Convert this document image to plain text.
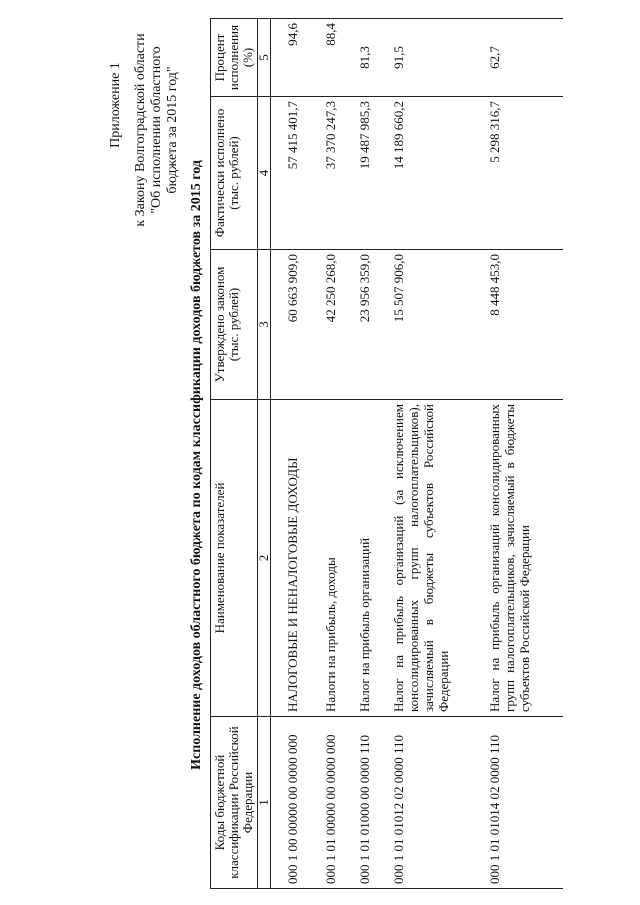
Приложение 1 к Закону Волгоградской области "Об исполнении областного бюджета за 2015 год"
Исполнение доходов областного бюджета по кодам классификации доходов бюджетов за 2015 год
Коды бюджетной классификации Российской Федерации	Наименование показателей	Утверждено законом (тыс. рублей)	Фактически исполнено (тыс. рублей)	Процент исполнения (%)
1	2	3	4	5
000 1 00 00000 00 0000 000	НАЛОГОВЫЕ И НЕНАЛОГОВЫЕ ДОХОДЫ	60 663 909,0	57 415 401,7	94,6
000 1 01 00000 00 0000 000	Налоги на прибыль, доходы	42 250 268,0	37 370 247,3	88,4
000 1 01 01000 00 0000 110	Налог на прибыль организаций	23 956 359,0	19 487 985,3	81,3
000 1 01 01012 02 0000 110	Налог на прибыль организаций (за исключением консолидированных групп налогоплательщиков), зачисляемый в бюджеты субъектов Российской Федерации	15 507 906,0	14 189 660,2	91,5
000 1 01 01014 02 0000 110	Налог на прибыль организаций консолидированных групп налогоплательщиков, зачисляемый в бюджеты субъектов Российской Федерации	8 448 453,0	5 298 316,7	62,7
